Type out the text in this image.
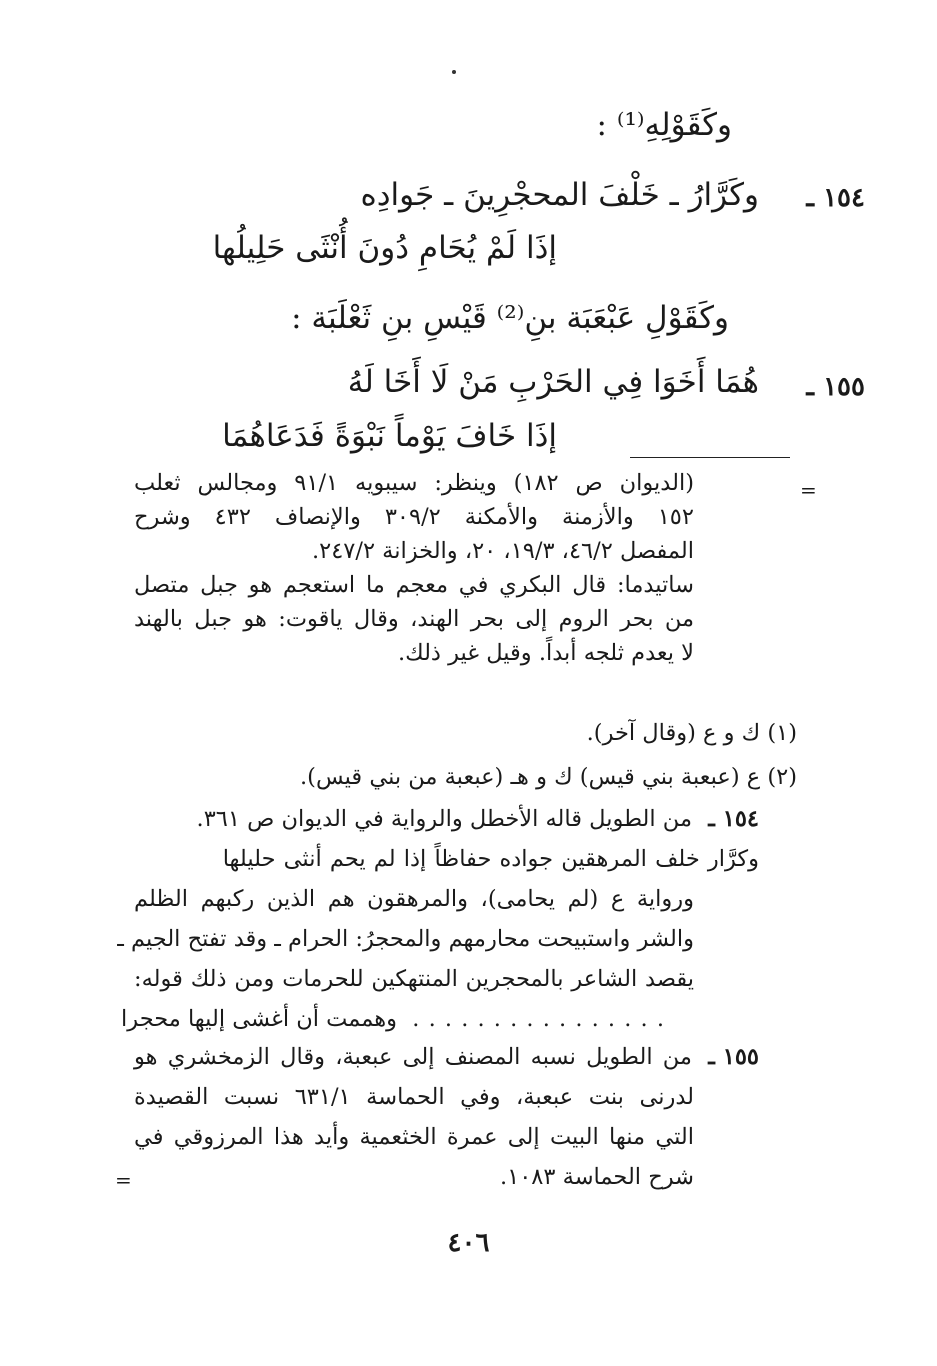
وكَقَوْلِهِ⁽¹⁾ :
١٥٤ ـ
وكَرَّارُ ـ خَلْفَ المحجْرِينَ ـ جَوادِه
إذَا لَمْ يُحَامِ دُونَ أُنْثَى حَلِيلُها
وكَقَوْلِ عَبْعَبَة بنِ⁽²⁾ قَيْسِ بنِ ثَعْلَبَة :
١٥٥ ـ
هُمَا أَخَوَا فِي الحَرْبِ مَنْ لَا أَخَا لَهُ
إذَا خَافَ يَوْماً نَبْوَةً فَدَعَاهُمَا
=
(الديوان ص ١٨٢) وينظر: سيبويه ٩١/١ ومجالس ثعلب
١٥٢ والأزمنة والأمكنة ٣٠٩/٢ والإنصاف ٤٣٢ وشرح
المفصل ٤٦/٢، ١٩/٣، ٢٠، والخزانة ٢٤٧/٢.
ساتيدما: قال البكري في معجم ما استعجم هو جبل متصل
من بحر الروم إلى بحر الهند، وقال ياقوت: هو جبل بالهند
لا يعدم ثلجه أبداً. وقيل غير ذلك.
(١) ك و ع (وقال آخر).
(٢) ع (عبعبة بني قيس) ك و هـ (عبعبة من بني قيس).
١٥٤ ـ
من الطويل قاله الأخطل والرواية في الديوان ص ٣٦١.
وكرَّار خلف المرهقين جواده حفاظاً إذا لم يحم أنثى حليلها
ورواية ع (لم يحامى)، والمرهقون هم الذين ركبهم الظلم
والشر واستبيحت محارمهم والمحجرُ: الحرام ـ وقد تفتح الجيم ـ
يقصد الشاعر بالمحجرين المنتهكين للحرمات ومن ذلك قوله:
. . . . . . . . . . . . . . . .
وهممت أن أغشى إليها محجرا
١٥٥ ـ
من الطويل نسبه المصنف إلى عبعبة، وقال الزمخشري هو
لدرنى بنت عبعبة، وفي الحماسة ٦٣١/١ نسبت القصيدة
التي منها البيت إلى عمرة الخثعمية وأيد هذا المرزوقي في
شرح الحماسة ١٠٨٣.
=
٤٠٦
